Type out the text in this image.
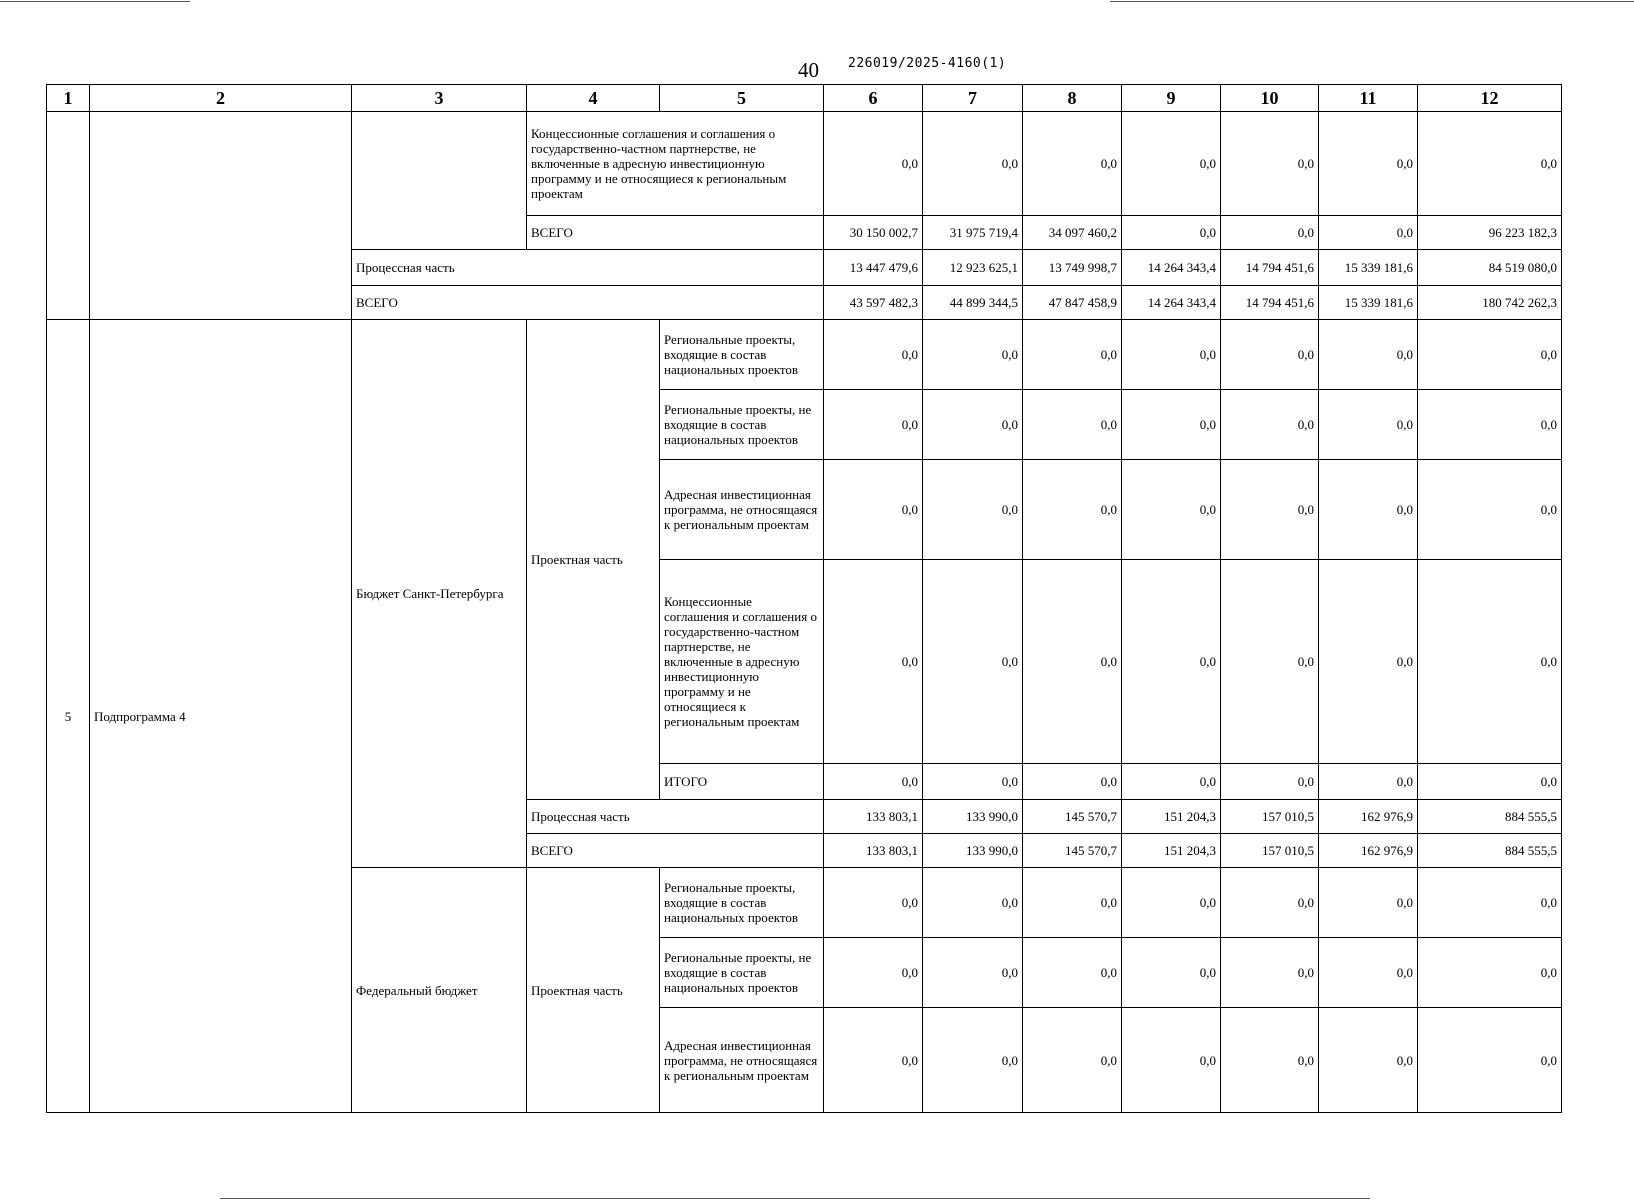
40 226019/2025-4160(1)
1	2	3	4	5	6	7	8	9	10	11	12
			Концессионные соглашения и соглашения о государственно-частном партнерстве, не включенные в адресную инвестиционную программу и не относящиеся к региональным проектам		0,0	0,0	0,0	0,0	0,0	0,0	0,0
			ВСЕГО		30 150 002,7	31 975 719,4	34 097 460,2	0,0	0,0	0,0	96 223 182,3
		Процессная часть			13 447 479,6	12 923 625,1	13 749 998,7	14 264 343,4	14 794 451,6	15 339 181,6	84 519 080,0
		ВСЕГО			43 597 482,3	44 899 344,5	47 847 458,9	14 264 343,4	14 794 451,6	15 339 181,6	180 742 262,3
5	Подпрограмма 4	Бюджет Санкт-Петербурга	Проектная часть	Региональные проекты, входящие в состав национальных проектов	0,0	0,0	0,0	0,0	0,0	0,0	0,0
				Региональные проекты, не входящие в состав национальных проектов	0,0	0,0	0,0	0,0	0,0	0,0	0,0
				Адресная инвестиционная программа, не относящаяся к региональным проектам	0,0	0,0	0,0	0,0	0,0	0,0	0,0
				Концессионные соглашения и соглашения о государственно-частном партнерстве, не включенные в адресную инвестиционную программу и не относящиеся к региональным проектам	0,0	0,0	0,0	0,0	0,0	0,0	0,0
				ИТОГО	0,0	0,0	0,0	0,0	0,0	0,0	0,0
			Процессная часть		133 803,1	133 990,0	145 570,7	151 204,3	157 010,5	162 976,9	884 555,5
			ВСЕГО		133 803,1	133 990,0	145 570,7	151 204,3	157 010,5	162 976,9	884 555,5
		Федеральный бюджет	Проектная часть	Региональные проекты, входящие в состав национальных проектов	0,0	0,0	0,0	0,0	0,0	0,0	0,0
				Региональные проекты, не входящие в состав национальных проектов	0,0	0,0	0,0	0,0	0,0	0,0	0,0
				Адресная инвестиционная программа, не относящаяся к региональным проектам	0,0	0,0	0,0	0,0	0,0	0,0	0,0
